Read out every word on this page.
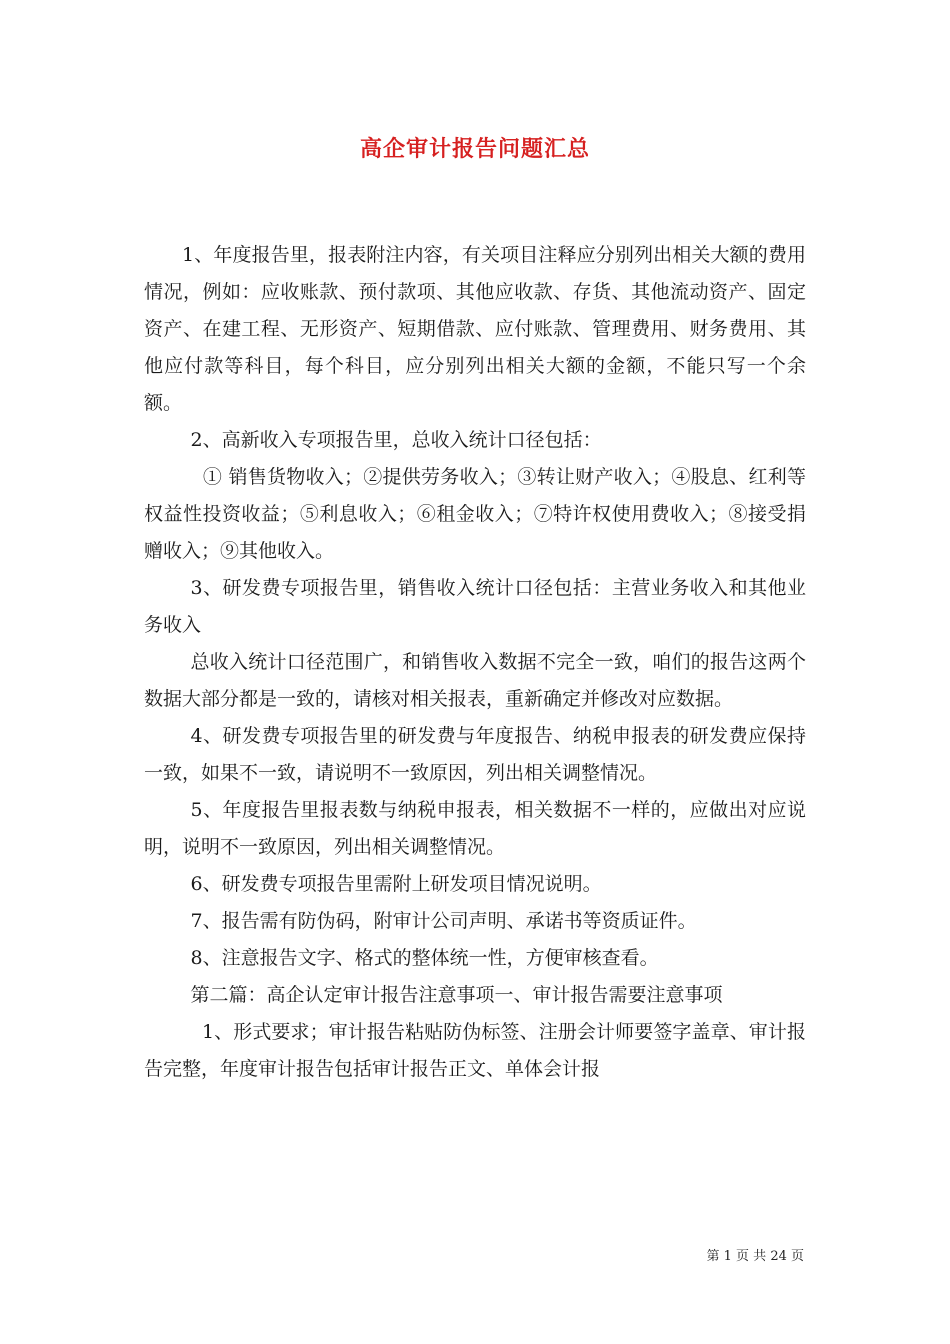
高企审计报告问题汇总

1、年度报告里，报表附注内容，有关项目注释应分别列出相关大额的费用情况，例如：应收账款、预付款项、其他应收款、存货、其他流动资产、固定资产、在建工程、无形资产、短期借款、应付账款、管理费用、财务费用、其他应付款等科目，每个科目，应分别列出相关大额的金额，不能只写一个余额。

2、高新收入专项报告里，总收入统计口径包括：

① 销售货物收入；②提供劳务收入；③转让财产收入；④股息、红利等权益性投资收益；⑤利息收入；⑥租金收入；⑦特许权使用费收入；⑧接受捐赠收入；⑨其他收入。

3、研发费专项报告里，销售收入统计口径包括：主营业务收入和其他业务收入

总收入统计口径范围广，和销售收入数据不完全一致，咱们的报告这两个数据大部分都是一致的，请核对相关报表，重新确定并修改对应数据。

4、研发费专项报告里的研发费与年度报告、纳税申报表的研发费应保持一致，如果不一致，请说明不一致原因，列出相关调整情况。

5、年度报告里报表数与纳税申报表，相关数据不一样的，应做出对应说明，说明不一致原因，列出相关调整情况。

6、研发费专项报告里需附上研发项目情况说明。

7、报告需有防伪码，附审计公司声明、承诺书等资质证件。

8、注意报告文字、格式的整体统一性，方便审核查看。

第二篇：高企认定审计报告注意事项一、审计报告需要注意事项

1、形式要求；审计报告粘贴防伪标签、注册会计师要签字盖章、审计报告完整，年度审计报告包括审计报告正文、单体会计报

第 1 页 共 24 页
